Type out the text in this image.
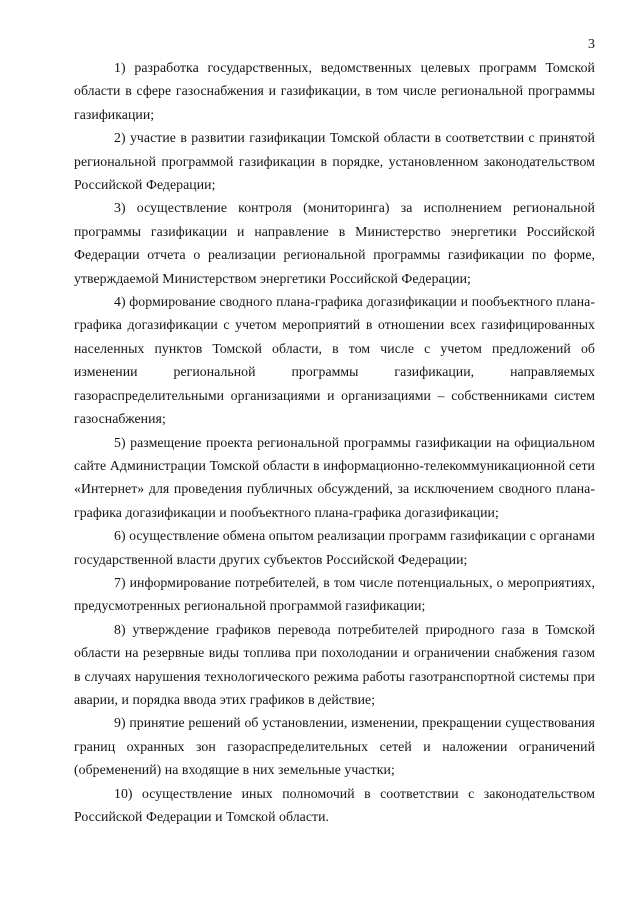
3

1) разработка государственных, ведомственных целевых программ Томской области в сфере газоснабжения и газификации, в том числе региональной программы газификации;

2) участие в развитии газификации Томской области в соответствии с принятой региональной программой газификации в порядке, установленном законодательством Российской Федерации;

3) осуществление контроля (мониторинга) за исполнением региональной программы газификации и направление в Министерство энергетики Российской Федерации отчета о реализации региональной программы газификации по форме, утверждаемой Министерством энергетики Российской Федерации;

4) формирование сводного плана-графика догазификации и пообъектного плана-графика догазификации с учетом мероприятий в отношении всех газифицированных населенных пунктов Томской области, в том числе с учетом предложений об изменении региональной программы газификации, направляемых газораспределительными организациями и организациями – собственниками систем газоснабжения;

5) размещение проекта региональной программы газификации на официальном сайте Администрации Томской области в информационно-телекоммуникационной сети «Интернет» для проведения публичных обсуждений, за исключением сводного плана-графика догазификации и пообъектного плана-графика догазификации;

6) осуществление обмена опытом реализации программ газификации с органами государственной власти других субъектов Российской Федерации;

7) информирование потребителей, в том числе потенциальных, о мероприятиях, предусмотренных региональной программой газификации;

8) утверждение графиков перевода потребителей природного газа в Томской области на резервные виды топлива при похолодании и ограничении снабжения газом в случаях нарушения технологического режима работы газотранспортной системы при аварии, и порядка ввода этих графиков в действие;

9) принятие решений об установлении, изменении, прекращении существования границ охранных зон газораспределительных сетей и наложении ограничений (обременений) на входящие в них земельные участки;

10) осуществление иных полномочий в соответствии с законодательством Российской Федерации и Томской области.
